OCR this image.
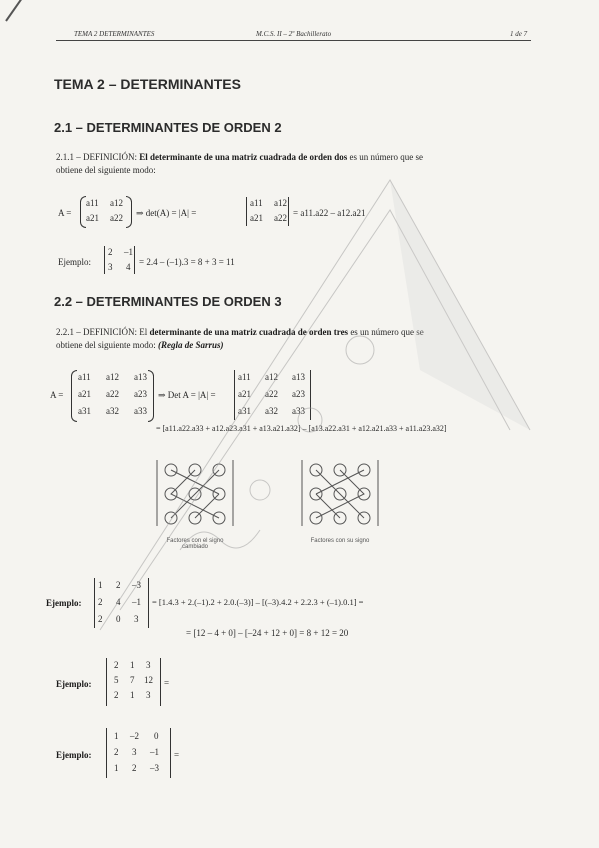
TEMA 2 DETERMINANTES	M.C.S. II – 2º Bachillerato	1 de 7
TEMA 2 – DETERMINANTES
2.1 – DETERMINANTES DE ORDEN 2
2.1.1 – DEFINICIÓN: El determinante de una matriz cuadrada de orden dos es un número que se
obtiene del siguiente modo:
A =
a11 a12
a21 a22 ⇒ det(A) = |A| =
a11 a12
a21 a22 = a11.a22 – a12.a21
Ejemplo:
2 –1
3 4 = 2.4 – (–1).3 = 8 + 3 = 11
2.2 – DETERMINANTES DE ORDEN 3
2.2.1 – DEFINICIÓN: El determinante de una matriz cuadrada de orden tres es un número que se
obtiene del siguiente modo: (Regla de Sarrus)
A =
a11 a12 a13
a21 a22 a23
a31 a32 a33
⇒ Det A = |A| =
a11 a12 a13
a21 a22 a23
a31 a32 a33
= [a11.a22.a33 + a12.a23.a31 + a13.a21.a32] – [a13.a22.a31 + a12.a21.a33 + a11.a23.a32]
Factores con el signo cambiado
Factores con su signo
Ejemplo:
1 2 –3
2 4 –1
2 0 3
= [1.4.3 + 2.(–1).2 + 2.0.(–3)] – [(–3).4.2 + 2.2.3 + (–1).0.1] =
= [12 – 4 + 0] – [–24 + 12 + 0] = 8 + 12 = 20
Ejemplo:
2 1 3
5 7 12
2 1 3
=
Ejemplo:
1 –2 0
2 3 –1
1 2 –3
=
